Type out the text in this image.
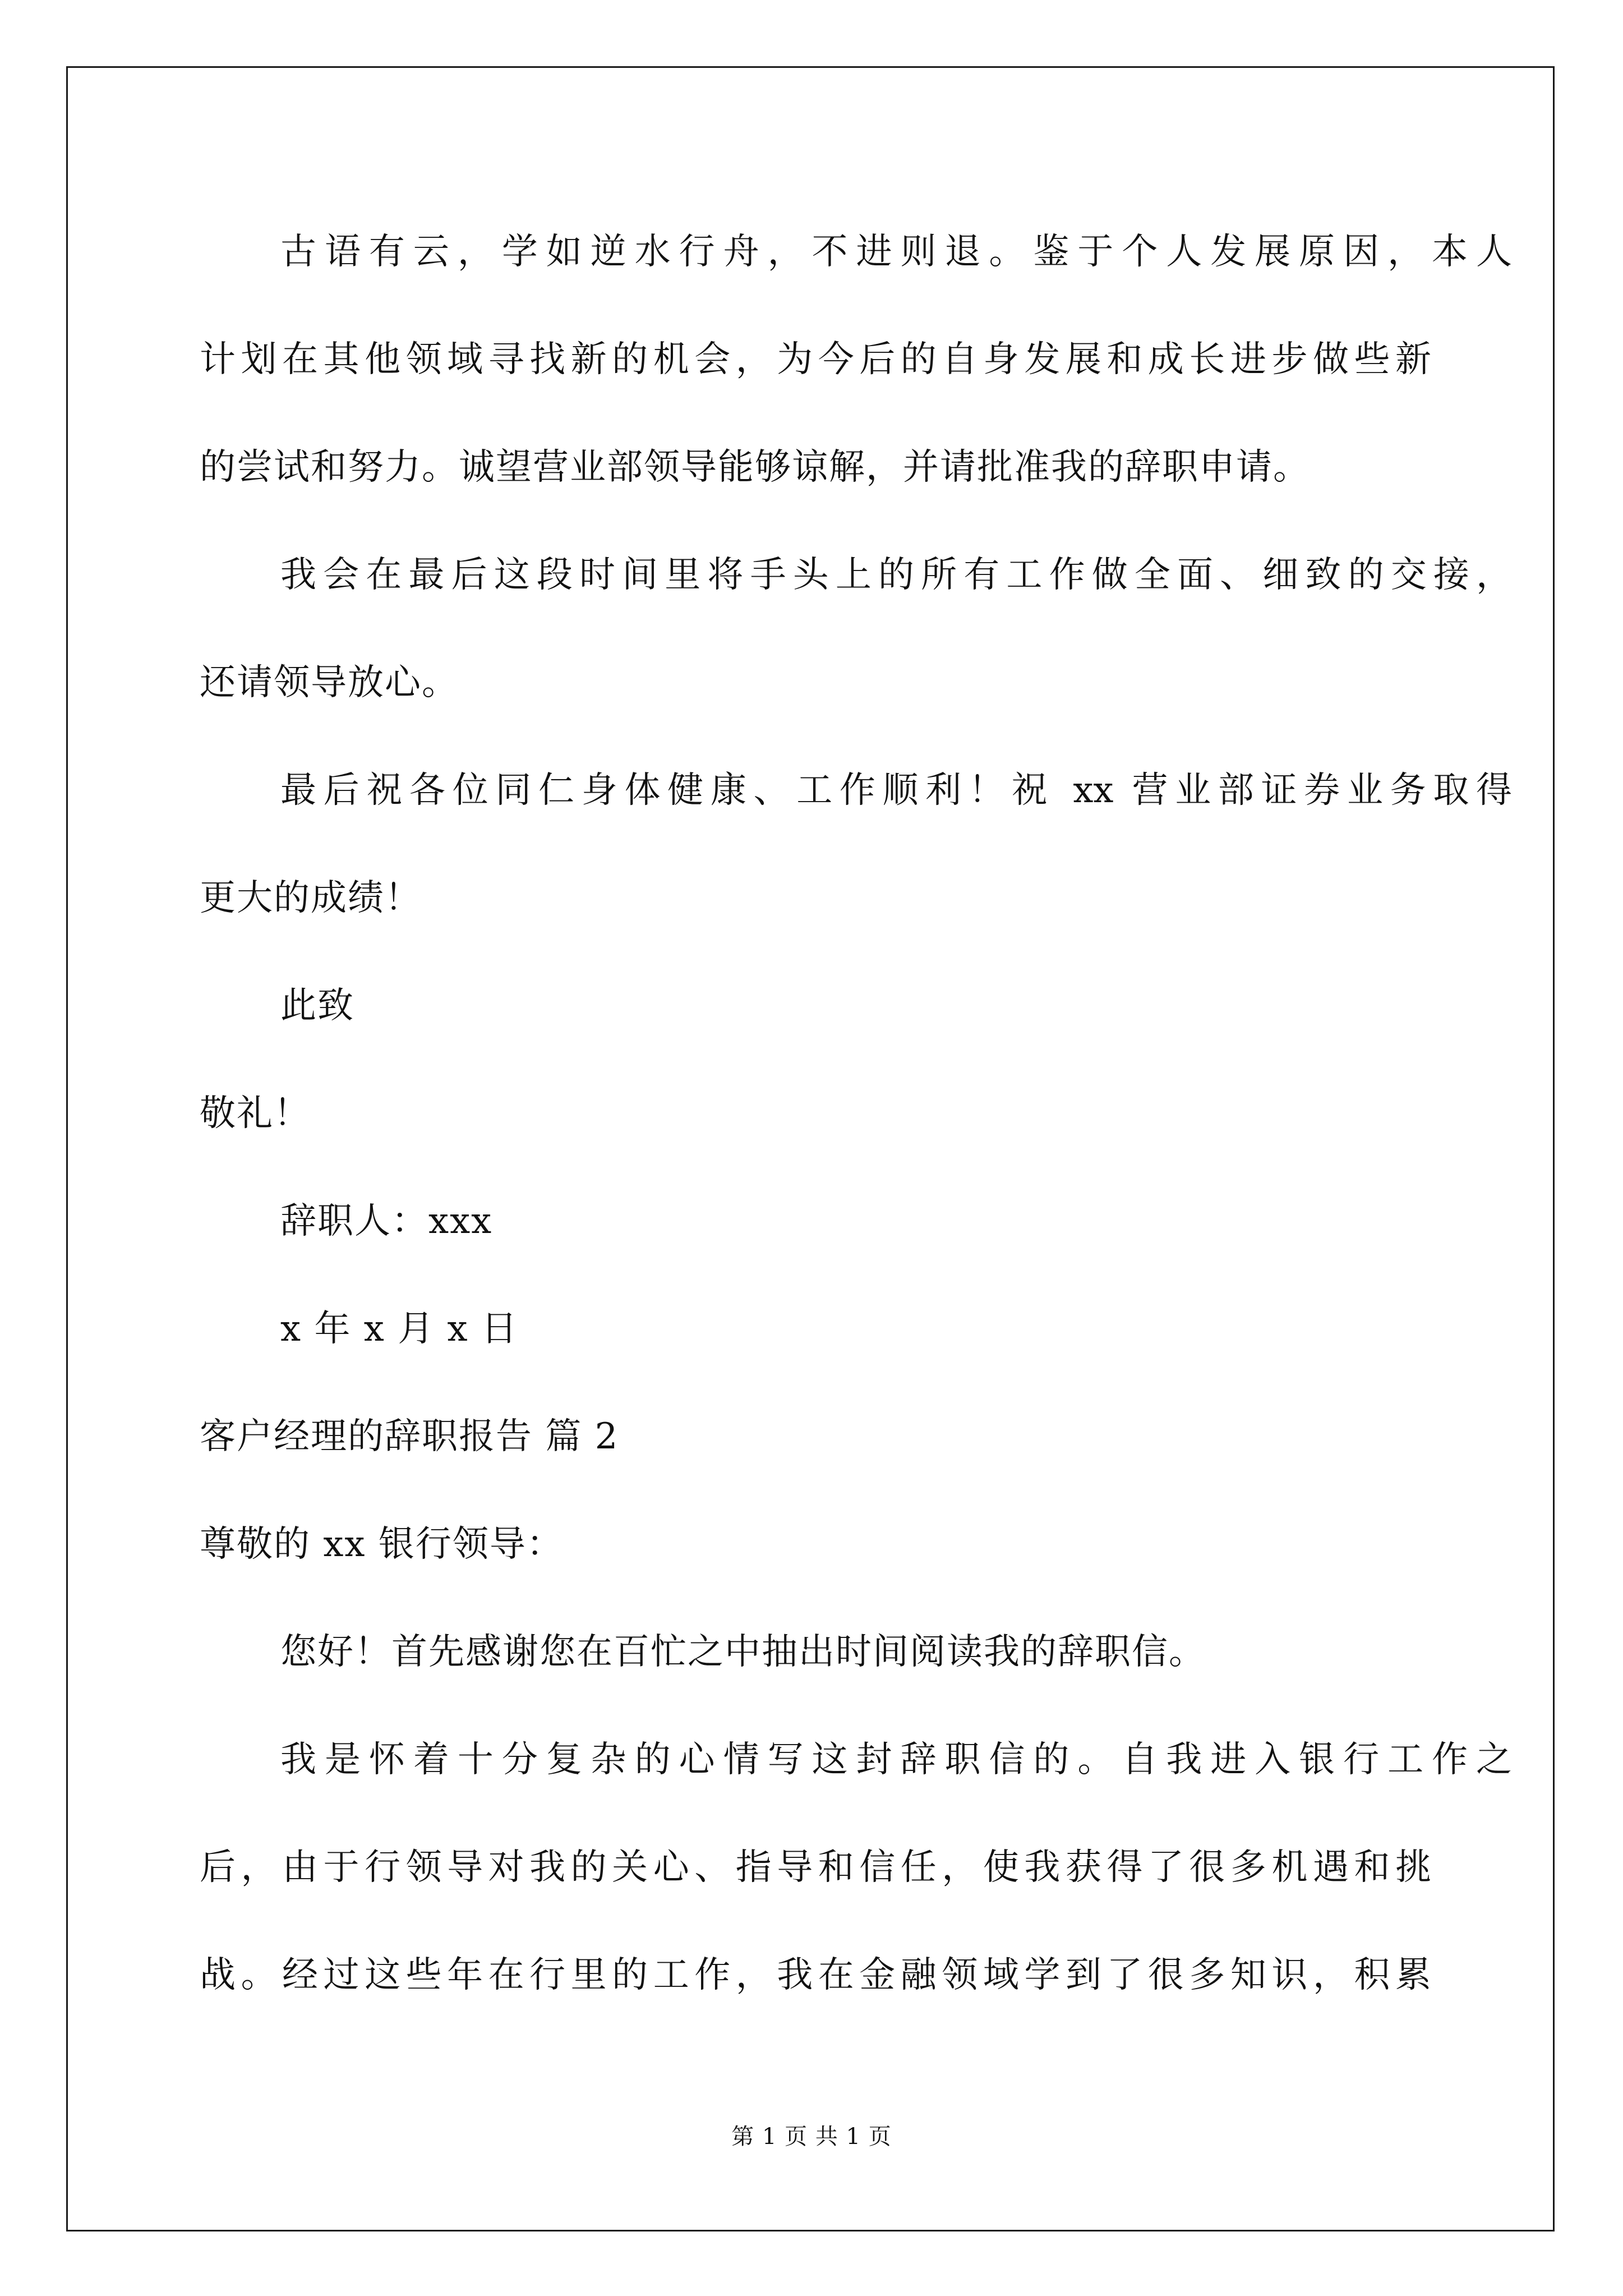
古语有云，学如逆水行舟，不进则退。鉴于个人发展原因，本人
计划在其他领域寻找新的机会，为今后的自身发展和成长进步做些新
的尝试和努力。诚望营业部领导能够谅解，并请批准我的辞职申请。
我会在最后这段时间里将手头上的所有工作做全面、细致的交接，
还请领导放心。
最后祝各位同仁身体健康、工作顺利！祝 xx 营业部证券业务取得
更大的成绩！
此致
敬礼！
辞职人：xxx
x 年 x 月 x 日
客户经理的辞职报告 篇 2
尊敬的 xx 银行领导：
您好！首先感谢您在百忙之中抽出时间阅读我的辞职信。
我是怀着十分复杂的心情写这封辞职信的。自我进入银行工作之
后，由于行领导对我的关心、指导和信任，使我获得了很多机遇和挑
战。经过这些年在行里的工作，我在金融领域学到了很多知识，积累
第 1 页 共 1 页
